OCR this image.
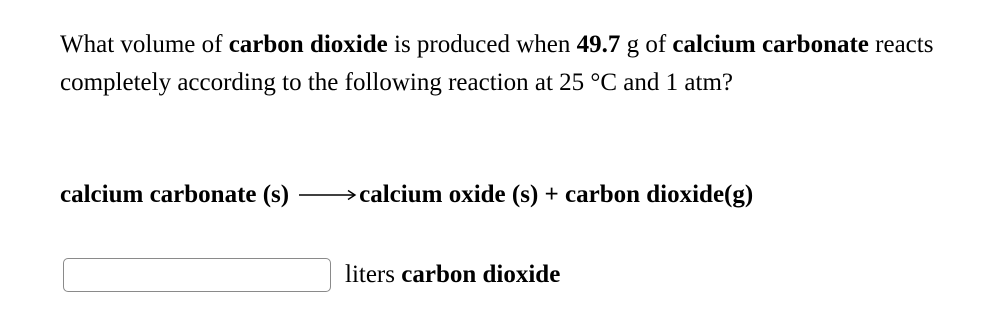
What volume of carbon dioxide is produced when 49.7 g of calcium carbonate reacts completely according to the following reaction at 25 °C and 1 atm?
calcium carbonate (s) → calcium oxide (s) + carbon dioxide(g)
liters carbon dioxide
